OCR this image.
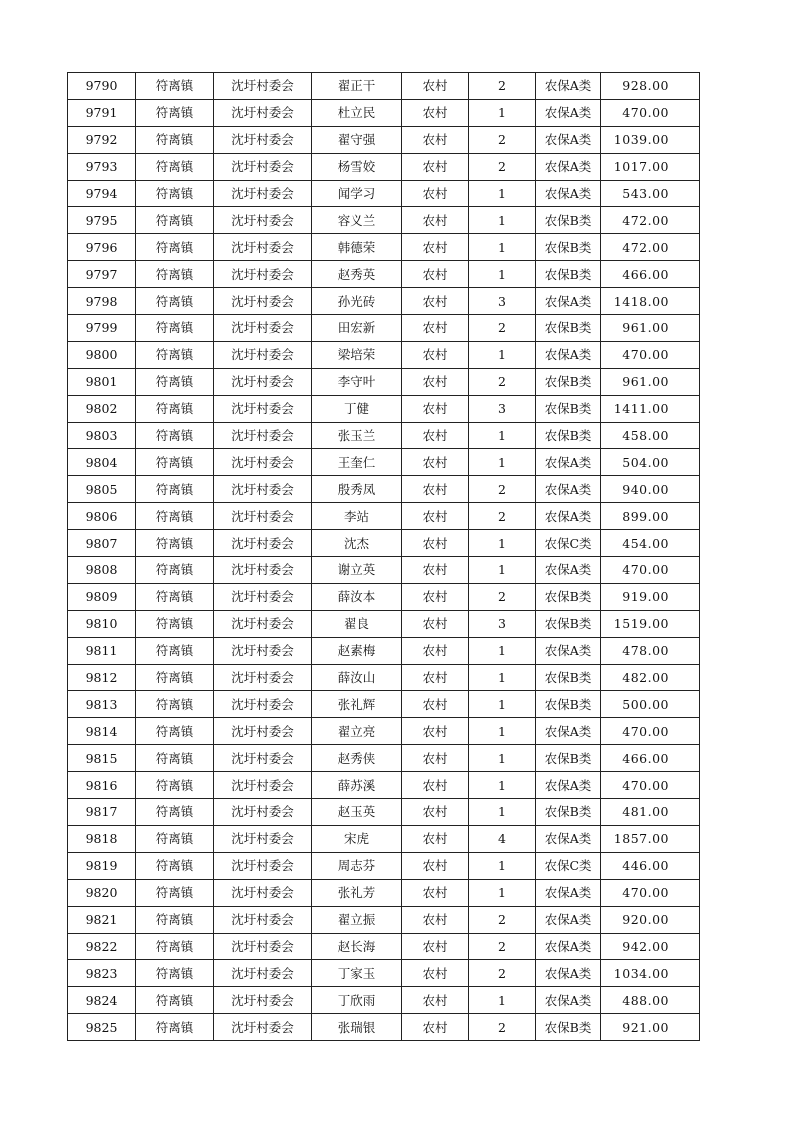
9790	符离镇	沈圩村委会	翟正干	农村	2	农保A类	928.00
9791	符离镇	沈圩村委会	杜立民	农村	1	农保A类	470.00
9792	符离镇	沈圩村委会	翟守强	农村	2	农保A类	1039.00
9793	符离镇	沈圩村委会	杨雪姣	农村	2	农保A类	1017.00
9794	符离镇	沈圩村委会	闻学习	农村	1	农保A类	543.00
9795	符离镇	沈圩村委会	容义兰	农村	1	农保B类	472.00
9796	符离镇	沈圩村委会	韩德荣	农村	1	农保B类	472.00
9797	符离镇	沈圩村委会	赵秀英	农村	1	农保B类	466.00
9798	符离镇	沈圩村委会	孙光砖	农村	3	农保A类	1418.00
9799	符离镇	沈圩村委会	田宏新	农村	2	农保B类	961.00
9800	符离镇	沈圩村委会	梁培荣	农村	1	农保A类	470.00
9801	符离镇	沈圩村委会	李守叶	农村	2	农保B类	961.00
9802	符离镇	沈圩村委会	丁健	农村	3	农保B类	1411.00
9803	符离镇	沈圩村委会	张玉兰	农村	1	农保B类	458.00
9804	符离镇	沈圩村委会	王奎仁	农村	1	农保A类	504.00
9805	符离镇	沈圩村委会	殷秀凤	农村	2	农保A类	940.00
9806	符离镇	沈圩村委会	李站	农村	2	农保A类	899.00
9807	符离镇	沈圩村委会	沈杰	农村	1	农保C类	454.00
9808	符离镇	沈圩村委会	谢立英	农村	1	农保A类	470.00
9809	符离镇	沈圩村委会	薛汝本	农村	2	农保B类	919.00
9810	符离镇	沈圩村委会	翟良	农村	3	农保B类	1519.00
9811	符离镇	沈圩村委会	赵素梅	农村	1	农保A类	478.00
9812	符离镇	沈圩村委会	薛汝山	农村	1	农保B类	482.00
9813	符离镇	沈圩村委会	张礼辉	农村	1	农保B类	500.00
9814	符离镇	沈圩村委会	翟立亮	农村	1	农保A类	470.00
9815	符离镇	沈圩村委会	赵秀侠	农村	1	农保B类	466.00
9816	符离镇	沈圩村委会	薛苏溪	农村	1	农保A类	470.00
9817	符离镇	沈圩村委会	赵玉英	农村	1	农保B类	481.00
9818	符离镇	沈圩村委会	宋虎	农村	4	农保A类	1857.00
9819	符离镇	沈圩村委会	周志芬	农村	1	农保C类	446.00
9820	符离镇	沈圩村委会	张礼芳	农村	1	农保A类	470.00
9821	符离镇	沈圩村委会	翟立振	农村	2	农保A类	920.00
9822	符离镇	沈圩村委会	赵长海	农村	2	农保A类	942.00
9823	符离镇	沈圩村委会	丁家玉	农村	2	农保A类	1034.00
9824	符离镇	沈圩村委会	丁欣雨	农村	1	农保A类	488.00
9825	符离镇	沈圩村委会	张瑞银	农村	2	农保B类	921.00
